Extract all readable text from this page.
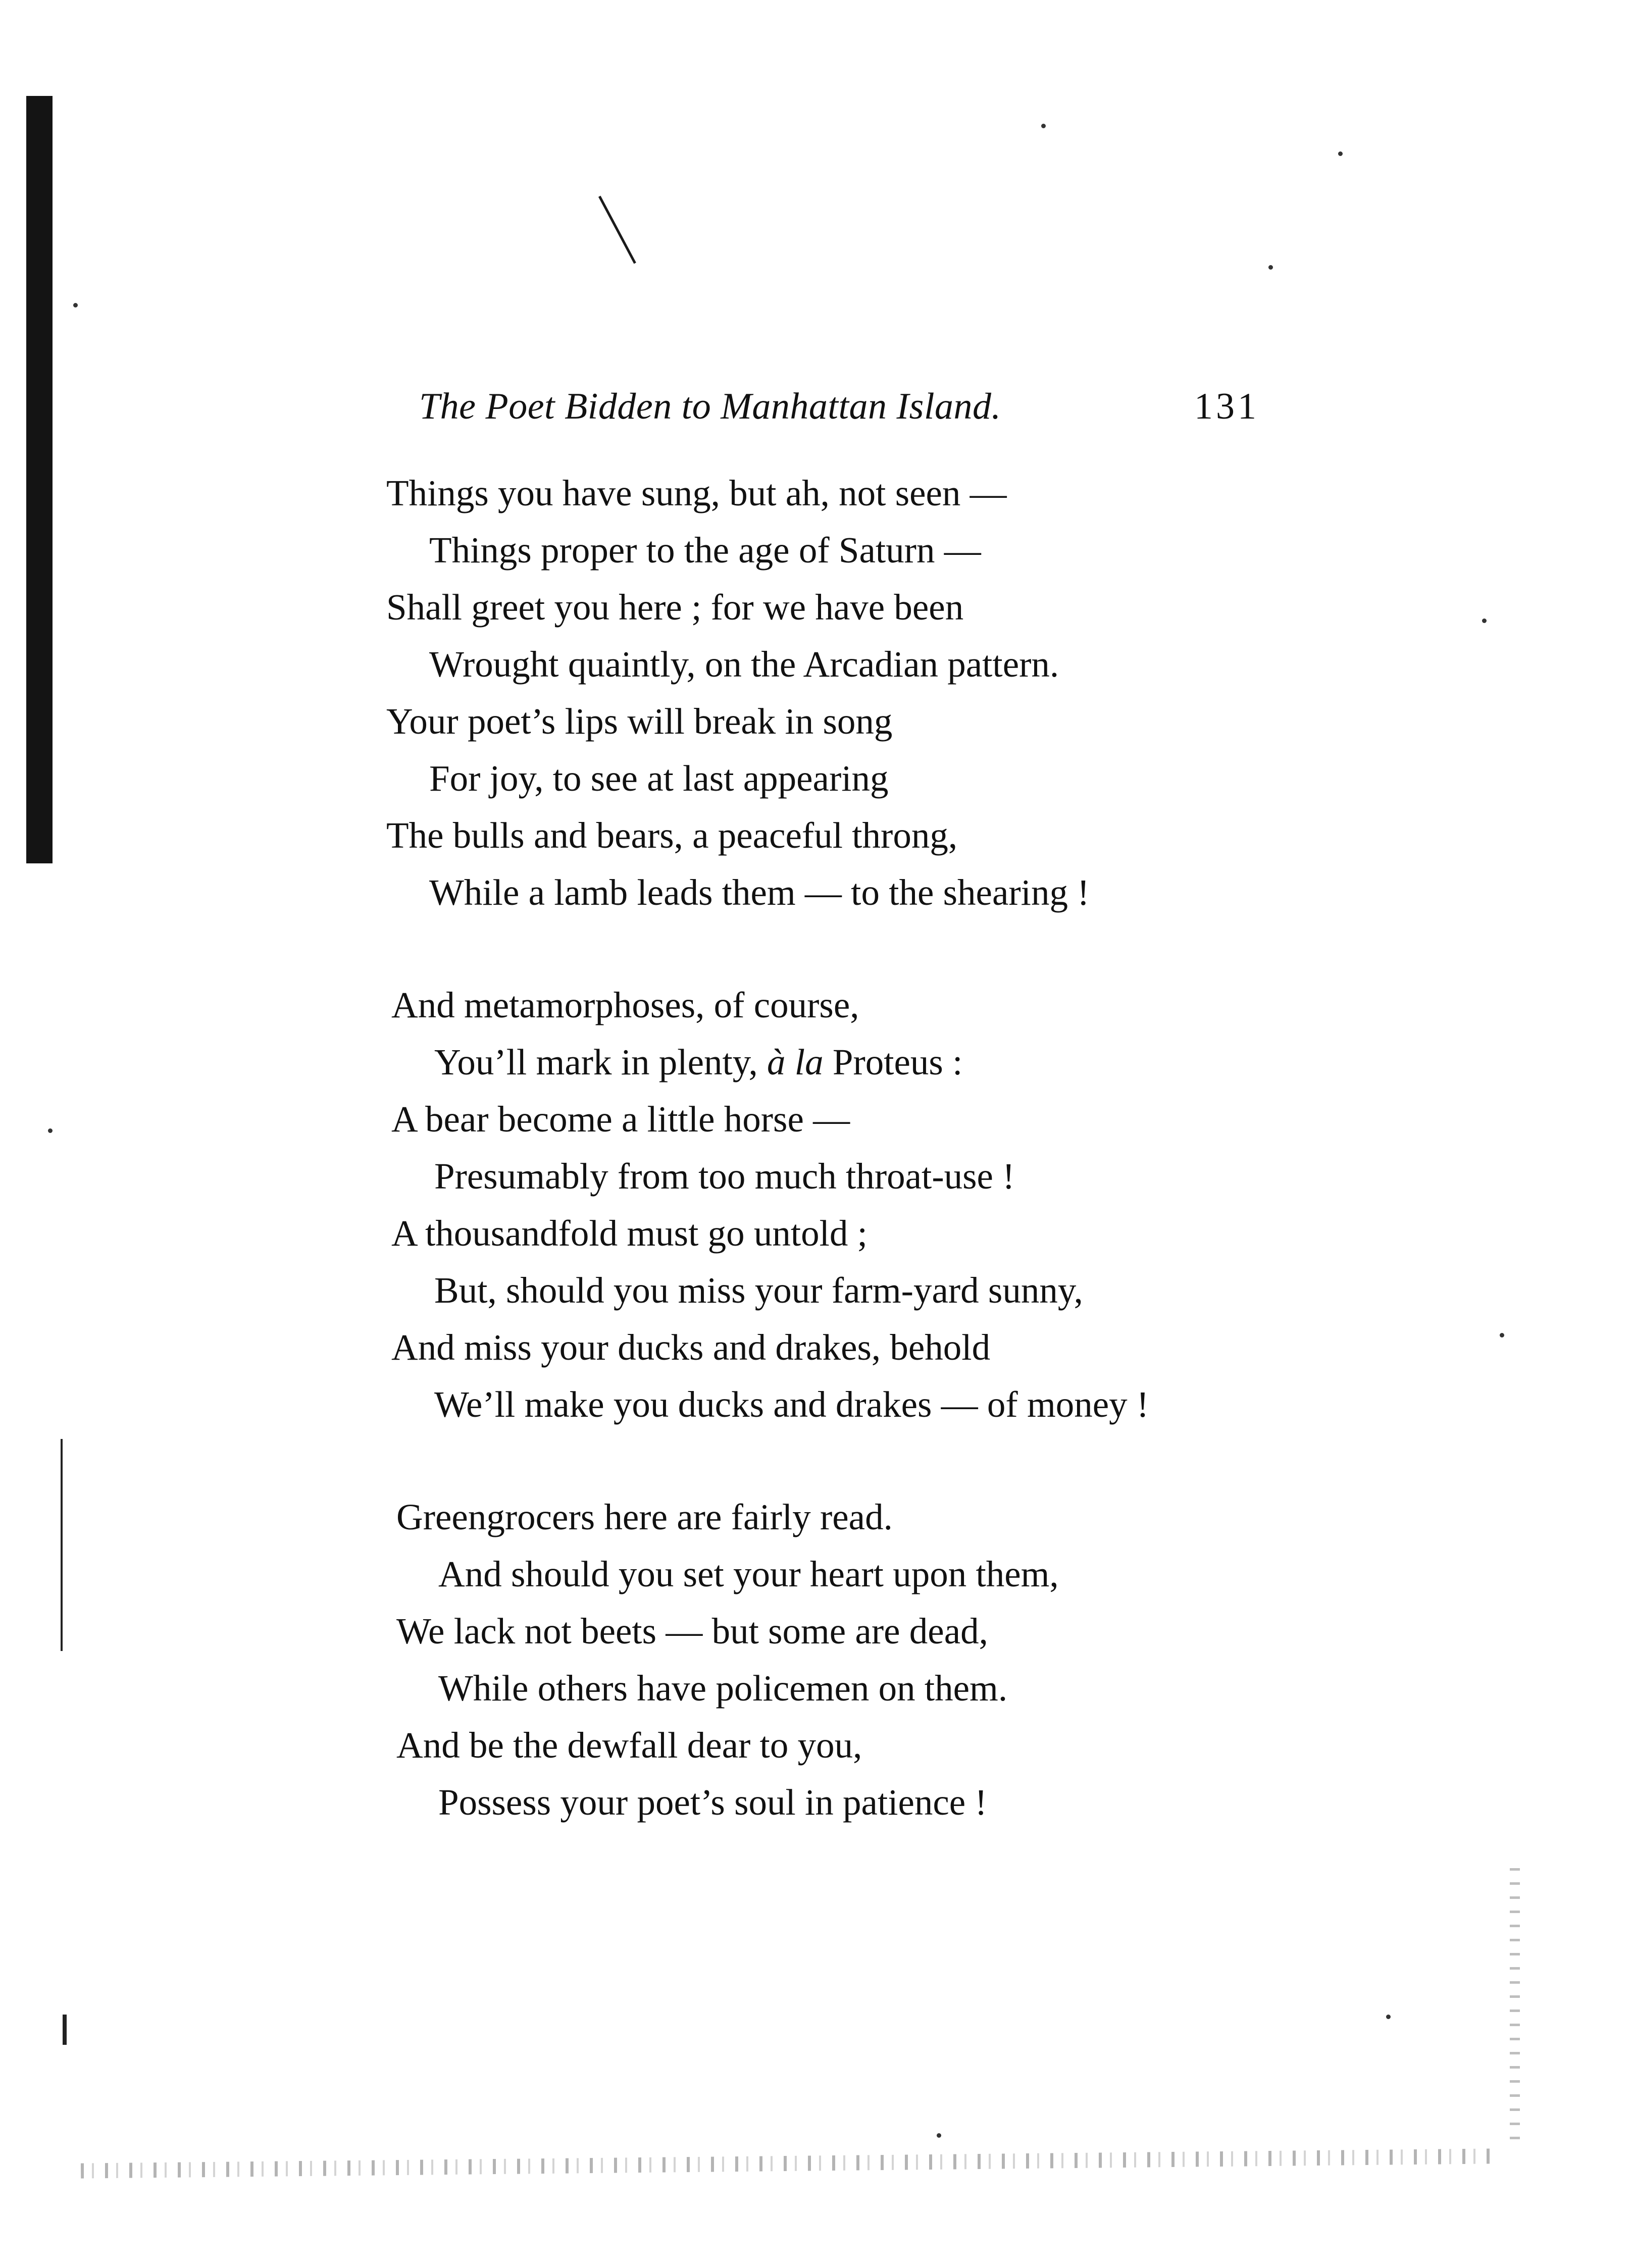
The Poet Bidden to Manhattan Island.	131
Things you have sung, but ah, not seen —
Things proper to the age of Saturn —
Shall greet you here ; for we have been
Wrought quaintly, on the Arcadian pattern.
Your poet’s lips will break in song
For joy, to see at last appearing
The bulls and bears, a peaceful throng,
While a lamb leads them — to the shearing !
And metamorphoses, of course,
You’ll mark in plenty, à la Proteus :
A bear become a little horse —
Presumably from too much throat-use !
A thousandfold must go untold ;
But, should you miss your farm-yard sunny,
And miss your ducks and drakes, behold
We’ll make you ducks and drakes — of money !
Greengrocers here are fairly read.
And should you set your heart upon them,
We lack not beets — but some are dead,
While others have policemen on them.
And be the dewfall dear to you,
Possess your poet’s soul in patience !
